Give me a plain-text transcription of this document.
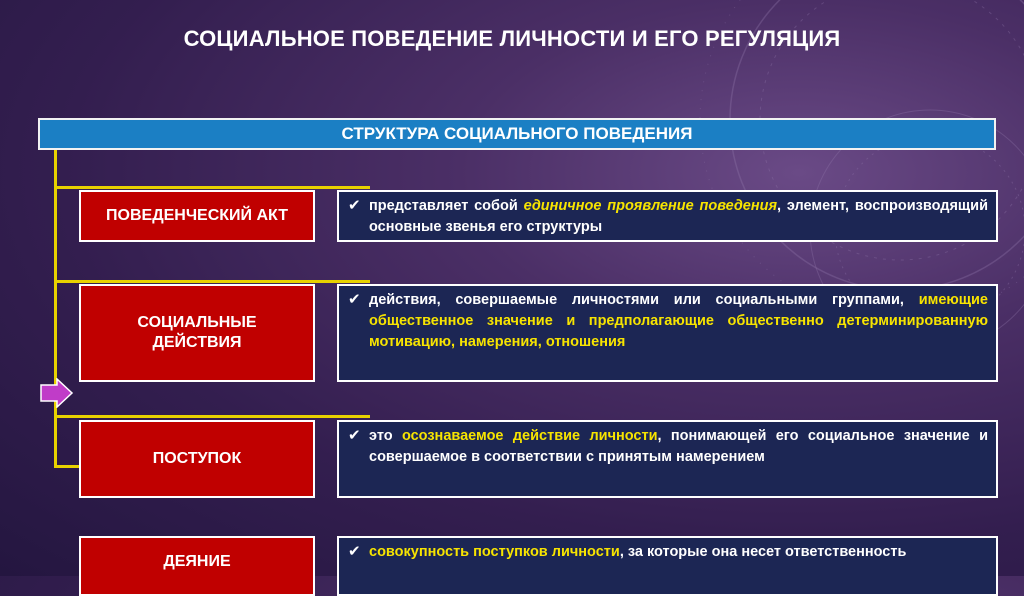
СОЦИАЛЬНОЕ ПОВЕДЕНИЕ ЛИЧНОСТИ И ЕГО РЕГУЛЯЦИЯ
СТРУКТУРА СОЦИАЛЬНОГО ПОВЕДЕНИЯ
ПОВЕДЕНЧЕСКИЙ АКТ
✔ представляет собой единичное проявление поведения, элемент, воспроизводящий основные звенья его структуры
СОЦИАЛЬНЫЕ ДЕЙСТВИЯ
✔ действия, совершаемые личностями или социальными группами, имеющие общественное значение и предполагающие общественно детерминированную мотивацию, намерения, отношения
ПОСТУПОК
✔ это осознаваемое действие личности, понимающей его социальное значение и совершаемое в соответствии с принятым намерением
ДЕЯНИЕ
✔ совокупность поступков личности, за которые она несет ответственность
